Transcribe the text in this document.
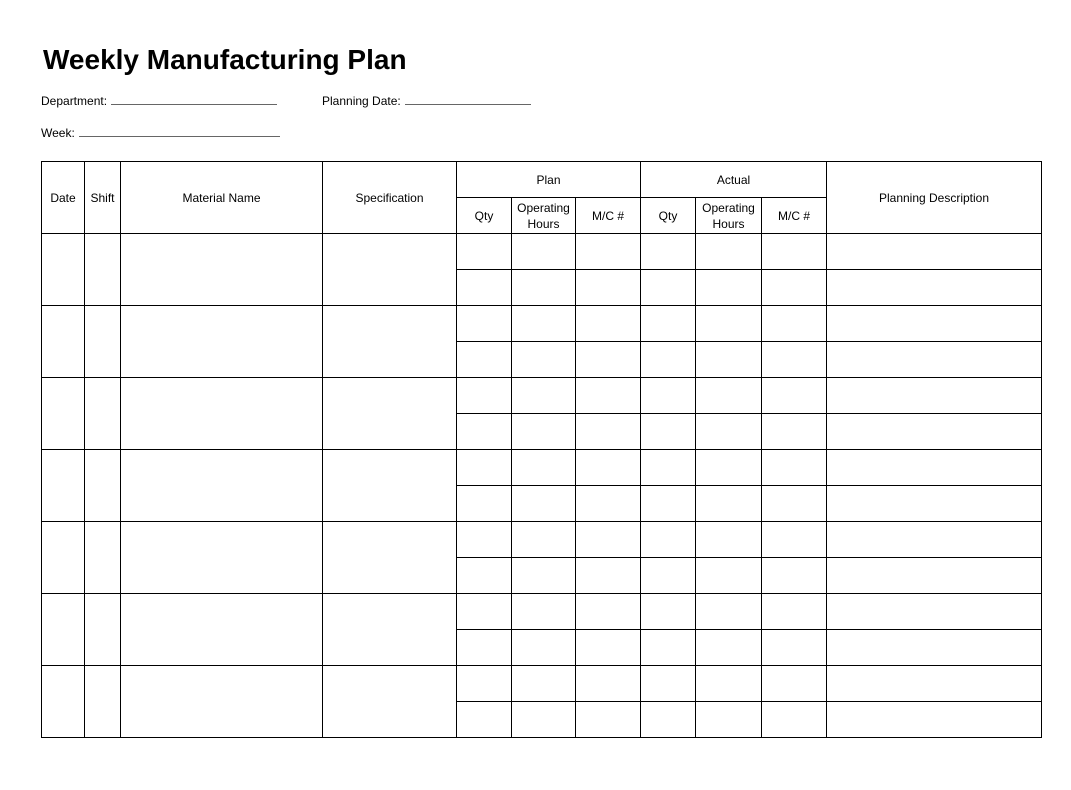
Weekly Manufacturing Plan
Department:	Planning Date:
Week:
Date	Shift	Material Name	Specification	Plan			Actual			Planning Description
				Qty	Operating Hours	M/C #	Qty	Operating Hours	M/C #	
